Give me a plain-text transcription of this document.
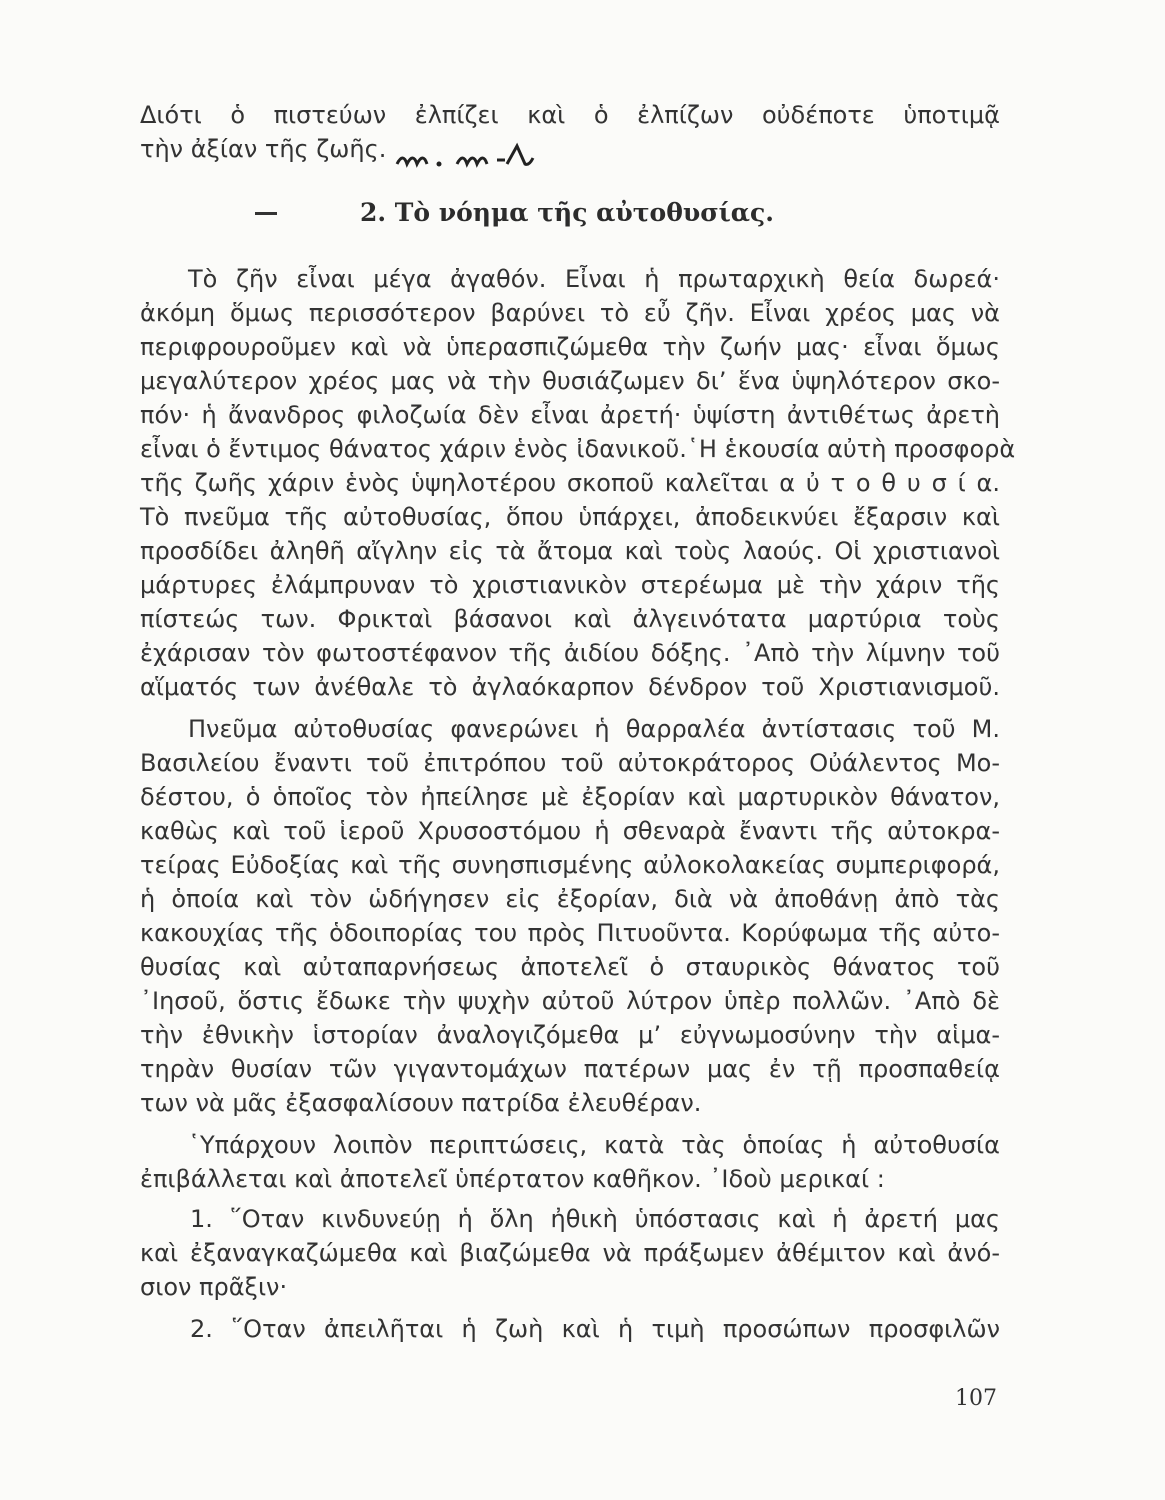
Διότι ὁ πιστεύων ἐλπίζει καὶ ὁ ἐλπίζων οὐδέποτε ὑποτιμᾷ
τὴν ἀξίαν τῆς ζωῆς.
2. Τὸ νόημα τῆς αὐτοθυσίας.
Τὸ ζῆν εἶναι μέγα ἀγαθόν. Εἶναι ἡ πρωταρχικὴ θεία δωρεά·
ἀκόμη ὅμως περισσότερον βαρύνει τὸ εὖ ζῆν. Εἶναι χρέος μας νὰ
περιφρουροῦμεν καὶ νὰ ὑπερασπιζώμεθα τὴν ζωήν μας· εἶναι ὅμως
μεγαλύτερον χρέος μας νὰ τὴν θυσιάζωμεν δι’ ἕνα ὑψηλότερον σκο-
πόν· ἡ ἄνανδρος φιλοζωία δὲν εἶναι ἀρετή· ὑψίστη ἀντιθέτως ἀρετὴ
εἶναι ὁ ἔντιμος θάνατος χάριν ἑνὸς ἰδανικοῦ.῾Η ἑκουσία αὐτὴ προσφορὰ
τῆς ζωῆς χάριν ἑνὸς ὑψηλοτέρου σκοποῦ καλεῖται α ὐ τ ο θ υ σ ί α.
Τὸ πνεῦμα τῆς αὐτοθυσίας, ὅπου ὑπάρχει, ἀποδεικνύει ἔξαρσιν καὶ
προσδίδει ἀληθῆ αἴγλην εἰς τὰ ἄτομα καὶ τοὺς λαούς. Οἱ χριστιανοὶ
μάρτυρες ἐλάμπρυναν τὸ χριστιανικὸν στερέωμα μὲ τὴν χάριν τῆς
πίστεώς των. Φρικταὶ βάσανοι καὶ ἀλγεινότατα μαρτύρια τοὺς
ἐχάρισαν τὸν φωτοστέφανον τῆς ἀιδίου δόξης. ᾿Απὸ τὴν λίμνην τοῦ
αἵματός των ἀνέθαλε τὸ ἀγλαόκαρπον δένδρον τοῦ Χριστιανισμοῦ.
Πνεῦμα αὐτοθυσίας φανερώνει ἡ θαρραλέα ἀντίστασις τοῦ Μ.
Βασιλείου ἔναντι τοῦ ἐπιτρόπου τοῦ αὐτοκράτορος Οὐάλεντος Μο-
δέστου, ὁ ὁποῖος τὸν ἠπείλησε μὲ ἐξορίαν καὶ μαρτυρικὸν θάνατον,
καθὼς καὶ τοῦ ἱεροῦ Χρυσοστόμου ἡ σθεναρὰ ἔναντι τῆς αὐτοκρα-
τείρας Εὐδοξίας καὶ τῆς συνησπισμένης αὐλοκολακείας συμπεριφορά,
ἡ ὁποία καὶ τὸν ὡδήγησεν εἰς ἐξορίαν, διὰ νὰ ἀποθάνῃ ἀπὸ τὰς
κακουχίας τῆς ὁδοιπορίας του πρὸς Πιτυοῦντα. Κορύφωμα τῆς αὐτο-
θυσίας καὶ αὐταπαρνήσεως ἀποτελεῖ ὁ σταυρικὸς θάνατος τοῦ
᾿Ιησοῦ, ὅστις ἔδωκε τὴν ψυχὴν αὐτοῦ λύτρον ὑπὲρ πολλῶν. ᾿Απὸ δὲ
τὴν ἐθνικὴν ἱστορίαν ἀναλογιζόμεθα μ’ εὐγνωμοσύνην τὴν αἱμα-
τηρὰν θυσίαν τῶν γιγαντομάχων πατέρων μας ἐν τῇ προσπαθείᾳ
των νὰ μᾶς ἐξασφαλίσουν πατρίδα ἐλευθέραν.
῾Υπάρχουν λοιπὸν περιπτώσεις, κατὰ τὰς ὁποίας ἡ αὐτοθυσία
ἐπιβάλλεται καὶ ἀποτελεῖ ὑπέρτατον καθῆκον. ᾿Ιδοὺ μερικαί :
1. ῞Οταν κινδυνεύῃ ἡ ὅλη ἠθικὴ ὑπόστασις καὶ ἡ ἀρετή μας
καὶ ἐξαναγκαζώμεθα καὶ βιαζώμεθα νὰ πράξωμεν ἀθέμιτον καὶ ἀνό-
σιον πρᾶξιν·
2. ῞Οταν ἀπειλῆται ἡ ζωὴ καὶ ἡ τιμὴ προσώπων προσφιλῶν
107
